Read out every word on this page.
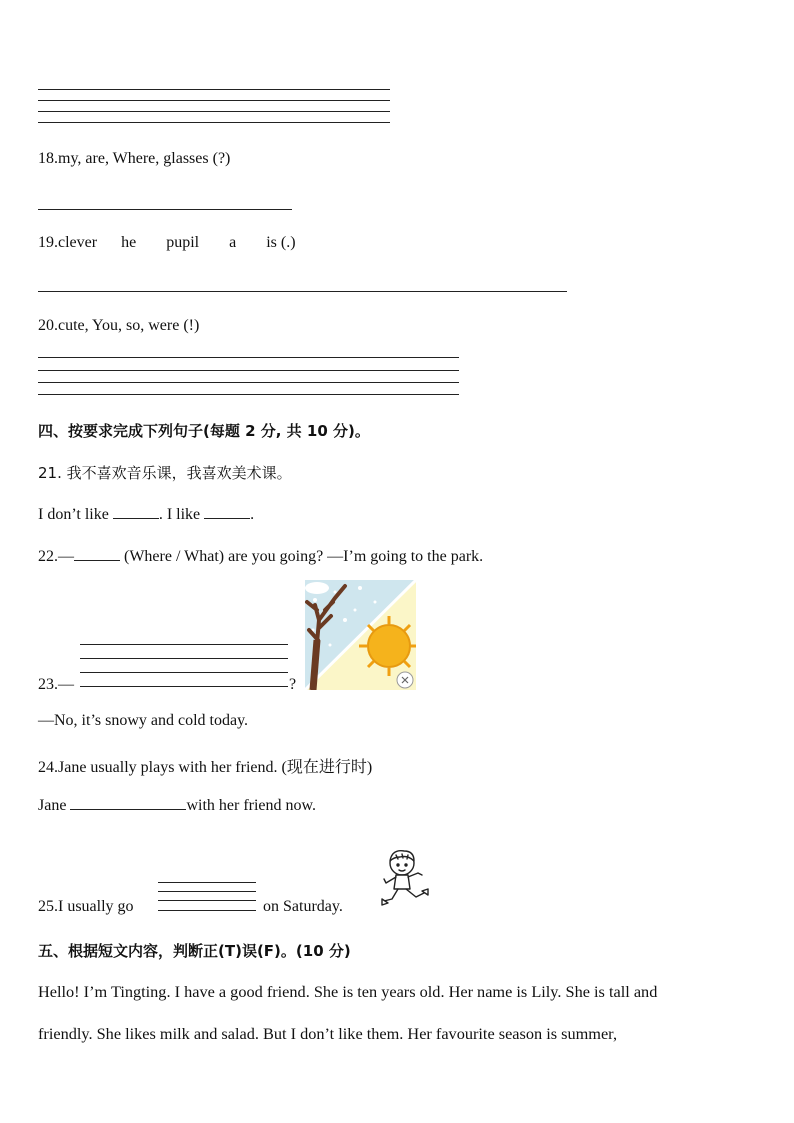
18.my, are, Where, glasses (?)
19.clever he pupil a is (.)
20.cute, You, so, were (!)
四、按要求完成下列句子(每题 2 分, 共 10 分)。
21. 我不喜欢音乐课，我喜欢美术课。
I don’t like	. I like	.
22.—	(Where / What) are you going? —I’m going to the park.
23.—	?
—No, it’s snowy and cold today.
24.Jane usually plays with her friend. (现在进行时)
Jane	with her friend now.
25.I usually go	on Saturday.
五、根据短文内容，判断正(T)误(F)。(10 分)
Hello! I’m Tingting. I have a good friend. She is ten years old. Her name is Lily. She is tall and
friendly. She likes milk and salad. But I don’t like them. Her favourite season is summer,
